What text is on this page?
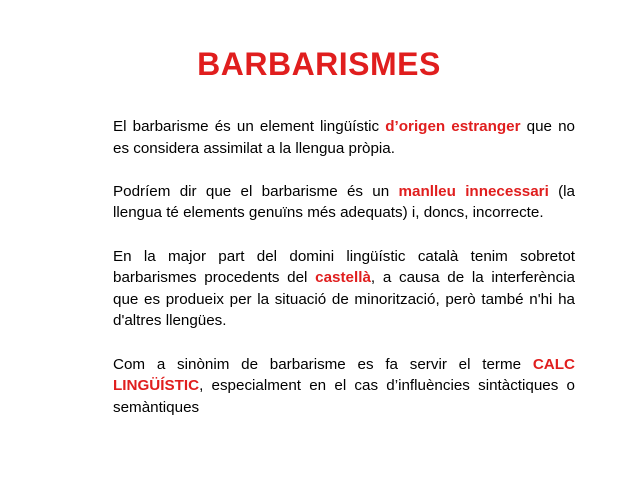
BARBARISMES

El barbarisme és un element lingüístic d’origen estranger que no es considera assimilat a la llengua pròpia.

Podríem dir que el barbarisme és un manlleu innecessari (la llengua té elements genuïns més adequats) i, doncs, incorrecte.

En la major part del domini lingüístic català tenim sobretot barbarismes procedents del castellà, a causa de la interferència que es produeix per la situació de minorització, però també n'hi ha d'altres llengües.

Com a sinònim de barbarisme es fa servir el terme CALC LINGÜÍSTIC, especialment en el cas d’influències sintàctiques o semàntiques
